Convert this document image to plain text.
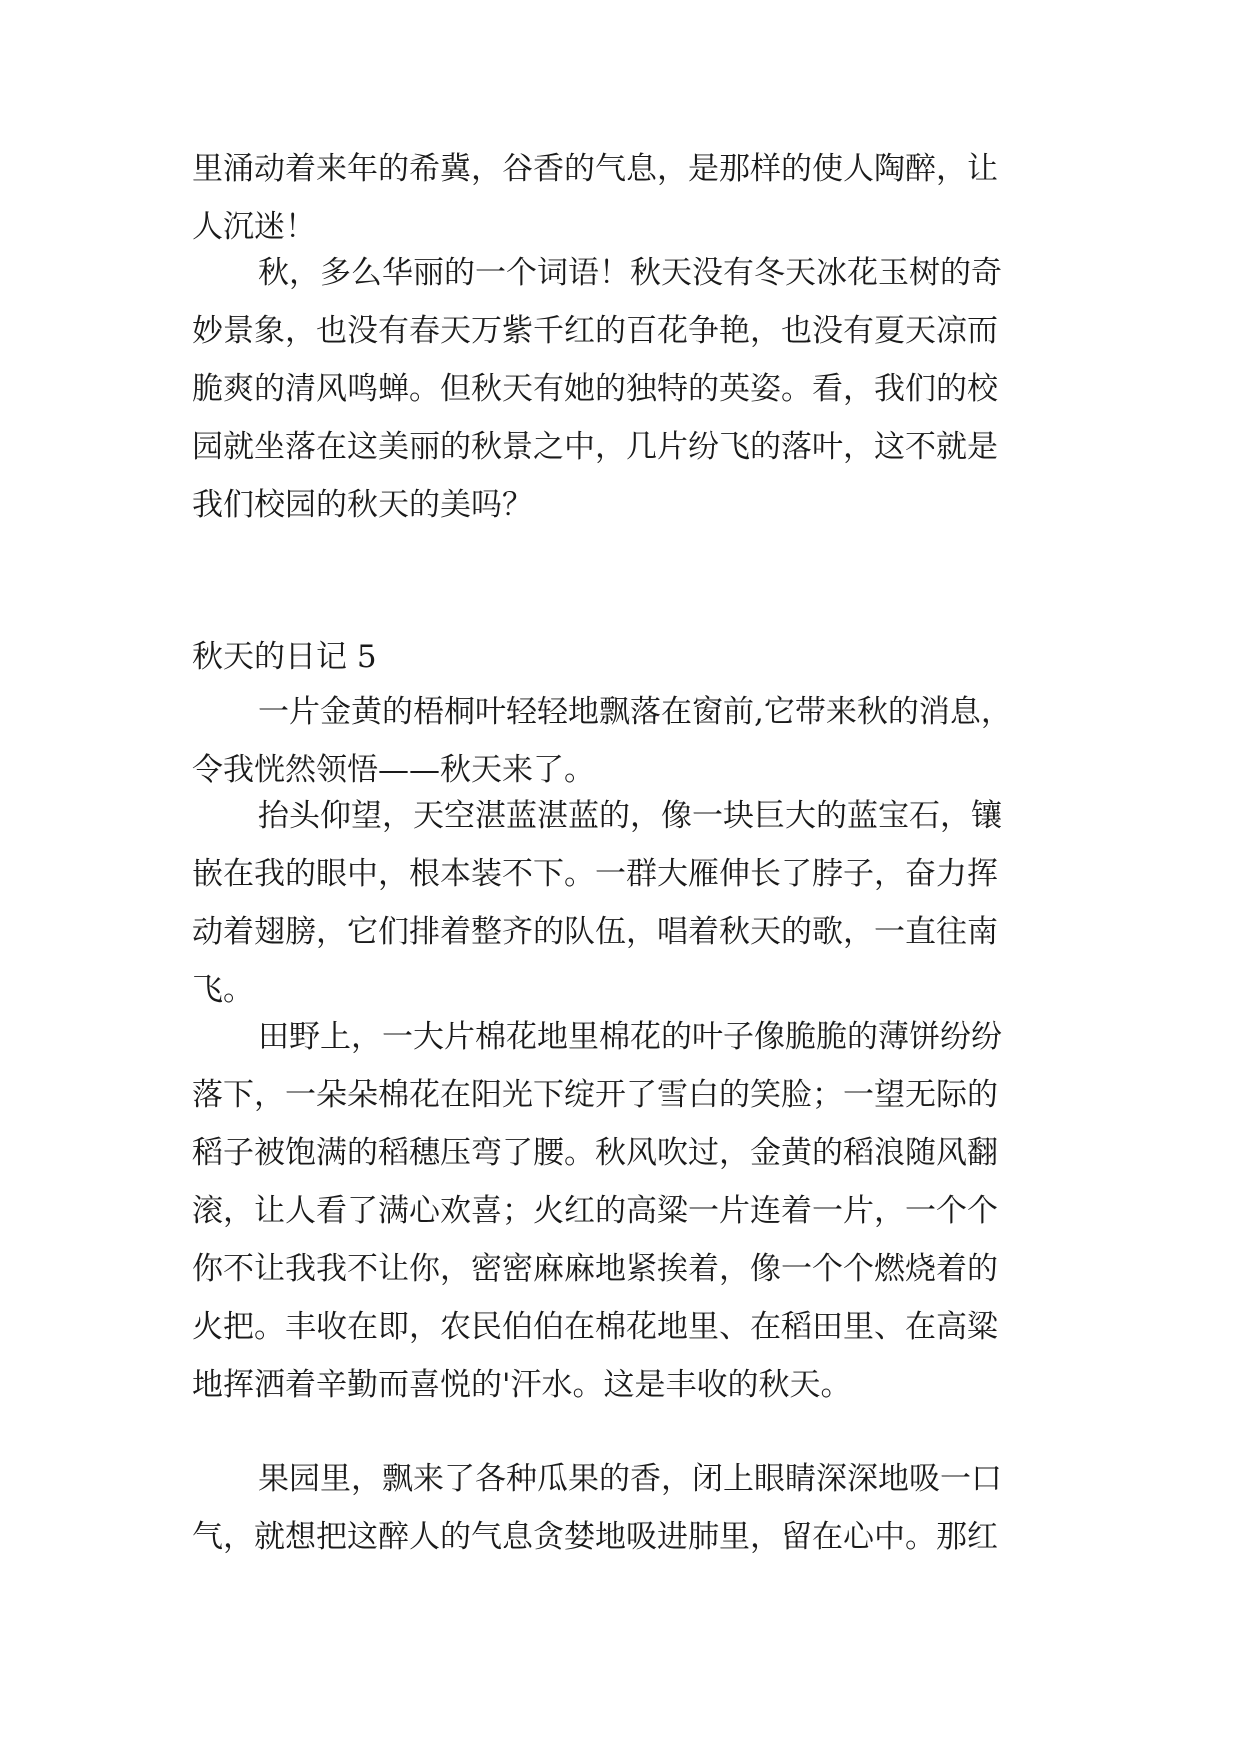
里涌动着来年的希冀，谷香的气息，是那样的使人陶醉，让
人沉迷！
秋，多么华丽的一个词语！秋天没有冬天冰花玉树的奇
妙景象，也没有春天万紫千红的百花争艳，也没有夏天凉而
脆爽的清风鸣蝉。但秋天有她的独特的英姿。看，我们的校
园就坐落在这美丽的秋景之中，几片纷飞的落叶，这不就是
我们校园的秋天的美吗？
秋天的日记 5
一片金黄的梧桐叶轻轻地飘落在窗前,它带来秋的消息，
令我恍然领悟——秋天来了。
抬头仰望，天空湛蓝湛蓝的，像一块巨大的蓝宝石，镶
嵌在我的眼中，根本装不下。一群大雁伸长了脖子，奋力挥
动着翅膀，它们排着整齐的队伍，唱着秋天的歌，一直往南
飞。
田野上，一大片棉花地里棉花的叶子像脆脆的薄饼纷纷
落下，一朵朵棉花在阳光下绽开了雪白的笑脸；一望无际的
稻子被饱满的稻穗压弯了腰。秋风吹过，金黄的稻浪随风翻
滚，让人看了满心欢喜；火红的高粱一片连着一片，一个个
你不让我我不让你，密密麻麻地紧挨着，像一个个燃烧着的
火把。丰收在即，农民伯伯在棉花地里、在稻田里、在高粱
地挥洒着辛勤而喜悦的'汗水。这是丰收的秋天。
果园里，飘来了各种瓜果的香，闭上眼睛深深地吸一口
气，就想把这醉人的气息贪婪地吸进肺里，留在心中。那红
